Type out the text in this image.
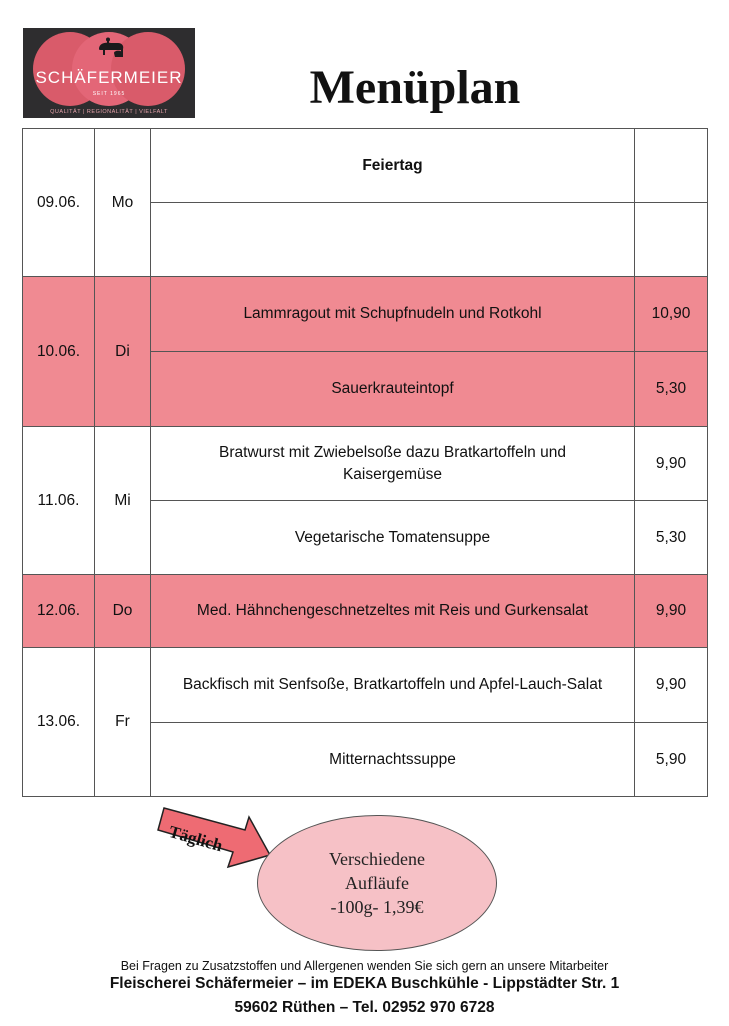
SCHÄFERMEIER
SEIT 1965
QUALITÄT | REGIONALITÄT | VIELFALT	Menüplan
09.06.	Mo	Feiertag	

10.06.	Di	Lammragout mit Schupfnudeln und Rotkohl	10,90
		Sauerkrauteintopf	5,30
11.06.	Mi	Bratwurst mit Zwiebelsoße dazu Bratkartoffeln und Kaisergemüse	9,90
		Vegetarische Tomatensuppe	5,30
12.06.	Do	Med. Hähnchengeschnetzeltes mit Reis und Gurkensalat	9,90
13.06.	Fr	Backfisch mit Senfsoße, Bratkartoffeln und Apfel-Lauch-Salat	9,90
		Mitternachtssuppe	5,90
Täglich
Verschiedene
Aufläufe
-100g- 1,39€
Bei Fragen zu Zusatzstoffen und Allergenen wenden Sie sich gern an unsere Mitarbeiter
Fleischerei Schäfermeier – im EDEKA Buschkühle - Lippstädter Str. 1
59602 Rüthen – Tel. 02952 970 6728
